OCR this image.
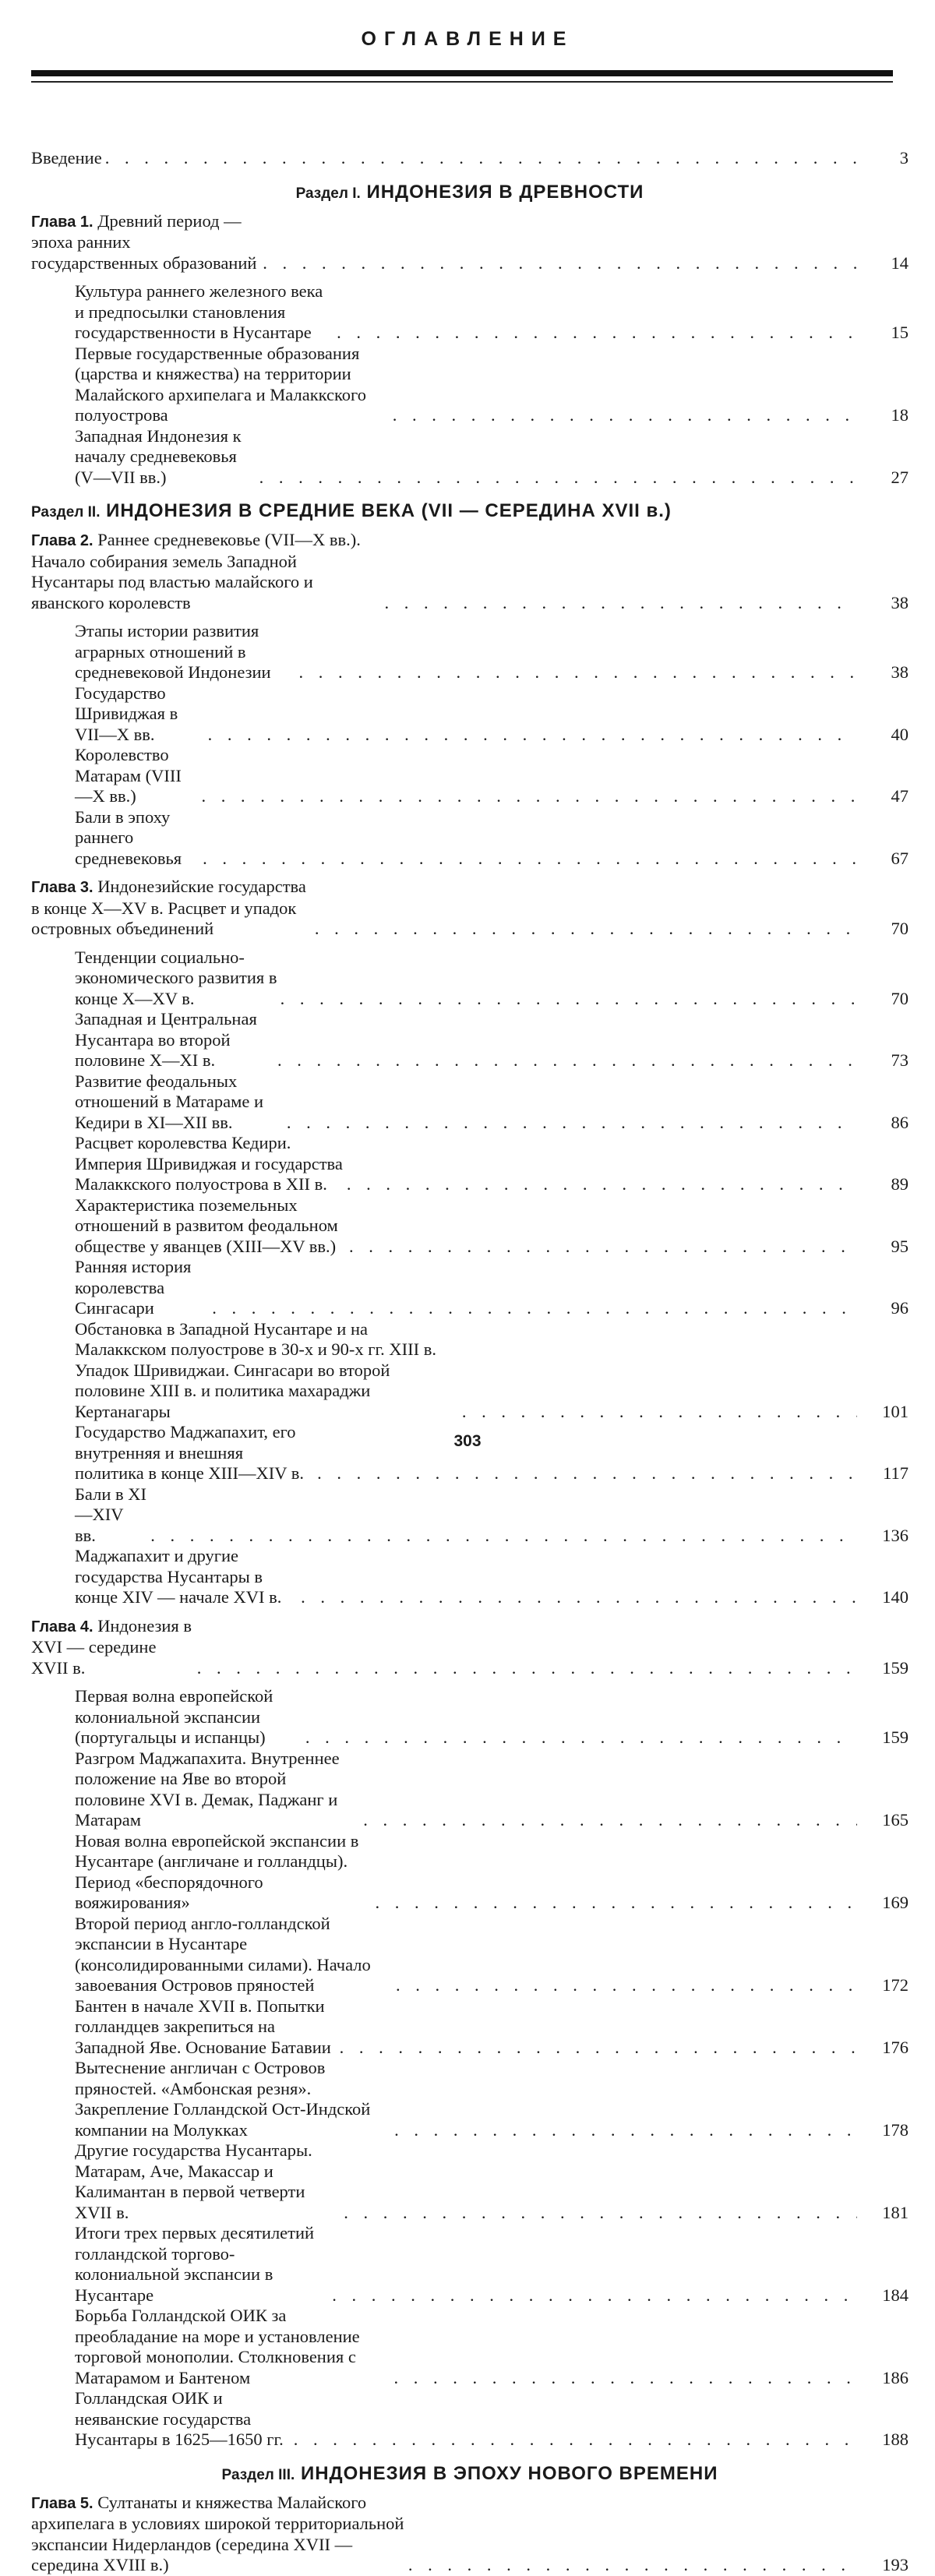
ОГЛАВЛЕНИЕ
Введение . . .	3
Раздел I. ИНДОНЕЗИЯ В ДРЕВНОСТИ
Глава 1. Древний период — эпоха ранних государственных образований . . .	14
Культура раннего железного века и предпосылки становления государственности в Нусантаре . . .	15
Первые государственные образования (царства и княжества) на территории Малайского архипелага и Малаккского полуострова . . .	18
Западная Индонезия к началу средневековья (V—VII вв.) . . .	27
Раздел II. ИНДОНЕЗИЯ В СРЕДНИЕ ВЕКА (VII — СЕРЕДИНА XVII в.)
Глава 2. Раннее средневековье (VII—X вв.). Начало собирания земель Западной Нусантары под властью малайского и яванского королевств . . .	38
Этапы истории развития аграрных отношений в средневековой Индонезии . . .	38
Государство Шривиджая в VII—X вв. . . .	40
Королевство Матарам (VIII—X вв.) . . .	47
Бали в эпоху раннего средневековья . . .	67
Глава 3. Индонезийские государства в конце X—XV в. Расцвет и упадок островных объединений . . .	70
Тенденции социально-экономического развития в конце X—XV в. . . .	70
Западная и Центральная Нусантара во второй половине X—XI в. . . .	73
Развитие феодальных отношений в Матараме и Кедири в XI—XII вв. . . .	86
Расцвет королевства Кедири. Империя Шривиджая и государства Малаккского полуострова в XII в. . . .	89
Характеристика поземельных отношений в развитом феодальном обществе у яванцев (XIII—XV вв.) . . .	95
Ранняя история королевства Сингасари . . .	96
Обстановка в Западной Нусантаре и на Малаккском полуострове в 30-х и 90-х гг. XIII в. Упадок Шривиджаи. Сингасари во второй половине XIII в. и политика махараджи Кертанагары . . .	101
Государство Маджапахит, его внутренняя и внешняя политика в конце XIII—XIV в. . . .	117
Бали в XI—XIV вв. . . .	136
Маджапахит и другие государства Нусантары в конце XIV — начале XVI в. . . .	140
Глава 4. Индонезия в XVI — середине XVII в. . . .	159
Первая волна европейской колониальной экспансии (португальцы и испанцы) . . .	159
Разгром Маджапахита. Внутреннее положение на Яве во второй половине XVI в. Демак, Паджанг и Матарам . . .	165
Новая волна европейской экспансии в Нусантаре (англичане и голландцы). Период «беспорядочного вояжирования» . . .	169
Второй период англо-голландской экспансии в Нусантаре (консолидированными силами). Начало завоевания Островов пряностей . . .	172
Бантен в начале XVII в. Попытки голландцев закрепиться на Западной Яве. Основание Батавии . . .	176
Вытеснение англичан с Островов пряностей. «Амбонская резня». Закрепление Голландской Ост-Индской компании на Молукках . . .	178
Другие государства Нусантары. Матарам, Аче, Макассар и Калимантан в первой четверти XVII в. . . .	181
Итоги трех первых десятилетий голландской торгово-колониальной экспансии в Нусантаре . . .	184
Борьба Голландской ОИК за преобладание на море и установление торговой монополии. Столкновения с Матарамом и Бантеном . . .	186
Голландская ОИК и неяванские государства Нусантары в 1625—1650 гг. . . .	188
Раздел III. ИНДОНЕЗИЯ В ЭПОХУ НОВОГО ВРЕМЕНИ
Глава 5. Султанаты и княжества Малайского архипелага в условиях широкой территориальной экспансии Нидерландов (середина XVII — середина XVIII в.) . . .	193
303
